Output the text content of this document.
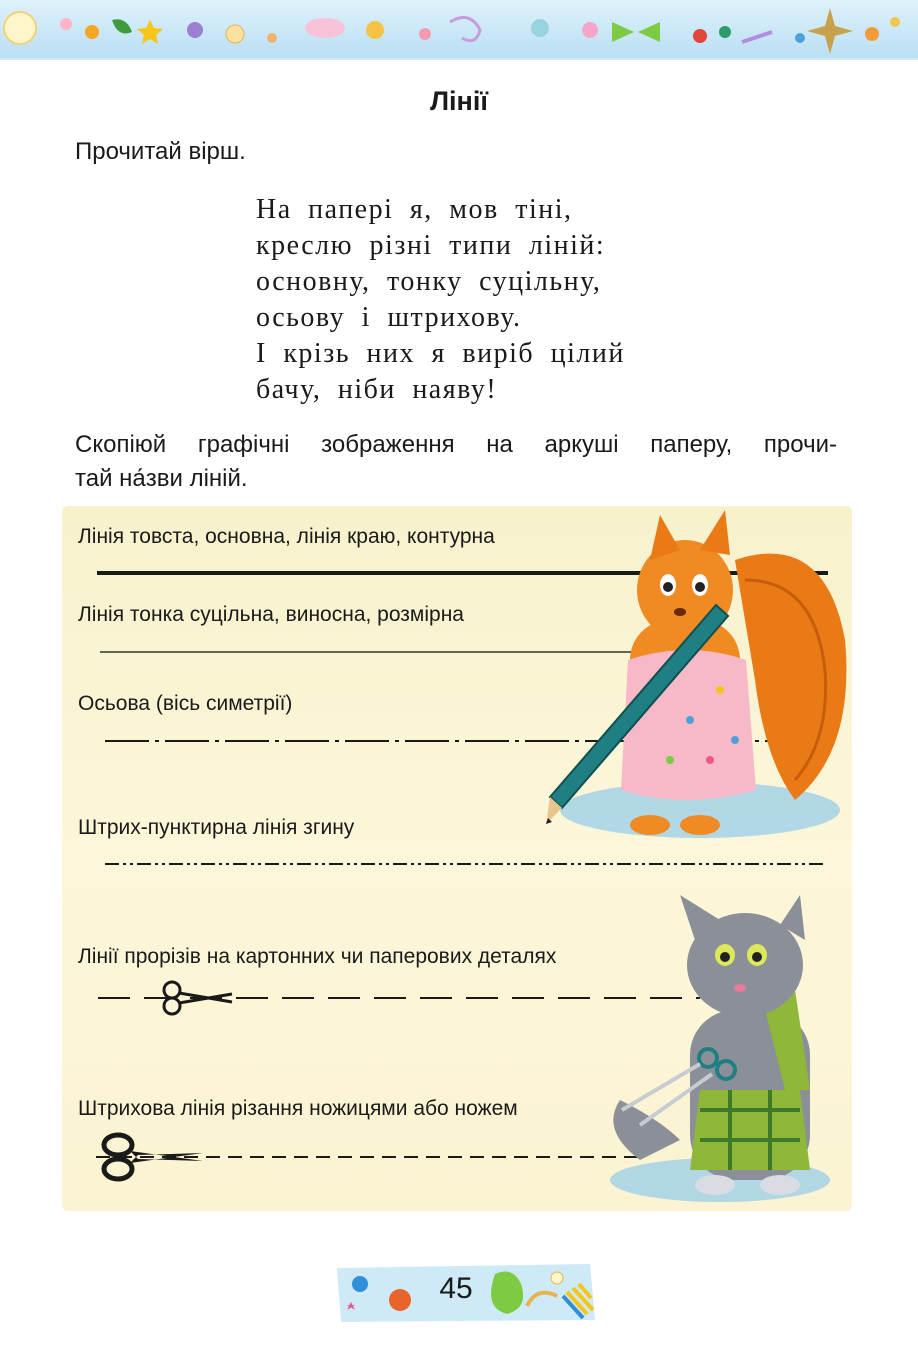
Лінії
Прочитай вірш.
На папері я, мов тіні,
креслю різні типи ліній:
основну, тонку суцільну,
осьову і штрихову.
І крізь них я виріб цілий
бачу, ніби наяву!
Скопіюй графічні зображення на аркуші паперу, прочи-
тай на́зви ліній.
Лінія товста, основна, лінія краю, контурна
Лінія тонка суцільна, виносна, розмірна
Осьова (вісь симетрії)
Штрих-пунктирна лінія згину
Лінії прорізів на картонних чи паперових деталях
Штрихова лінія різання ножицями або ножем
45
